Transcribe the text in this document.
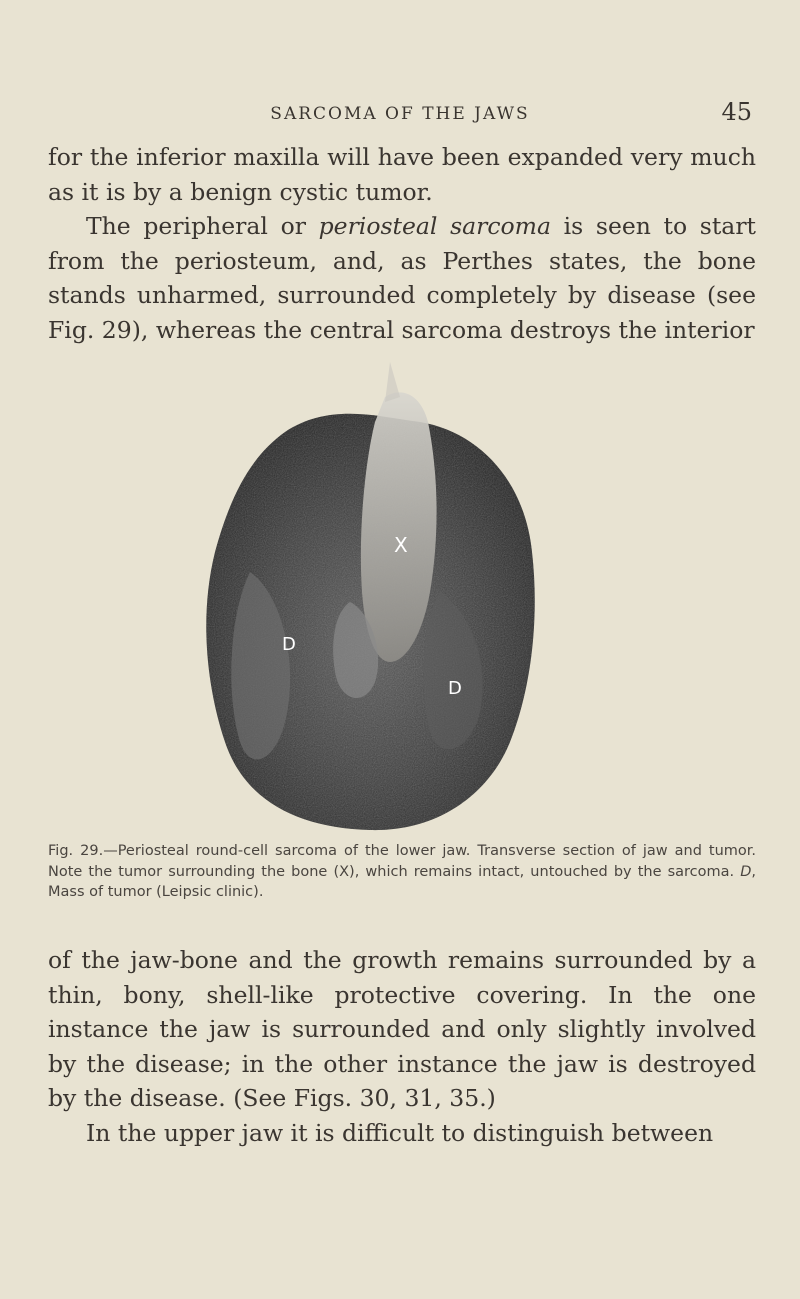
SARCOMA OF THE JAWS	45

for the inferior maxilla will have been expanded very much as it is by a benign cystic tumor.

The peripheral or periosteal sarcoma is seen to start from the periosteum, and, as Perthes states, the bone stands unharmed, surrounded completely by disease (see Fig. 29), whereas the central sarcoma destroys the interior

X
D
D
Fig. 29.—Periosteal round-cell sarcoma of the lower jaw. Transverse section of jaw and tumor. Note the tumor surrounding the bone (X), which remains intact, untouched by the sarcoma. D, Mass of tumor (Leipsic clinic).

of the jaw-bone and the growth remains surrounded by a thin, bony, shell-like protective covering. In the one instance the jaw is surrounded and only slightly involved by the disease; in the other instance the jaw is destroyed by the disease. (See Figs. 30, 31, 35.)

In the upper jaw it is difficult to distinguish between
